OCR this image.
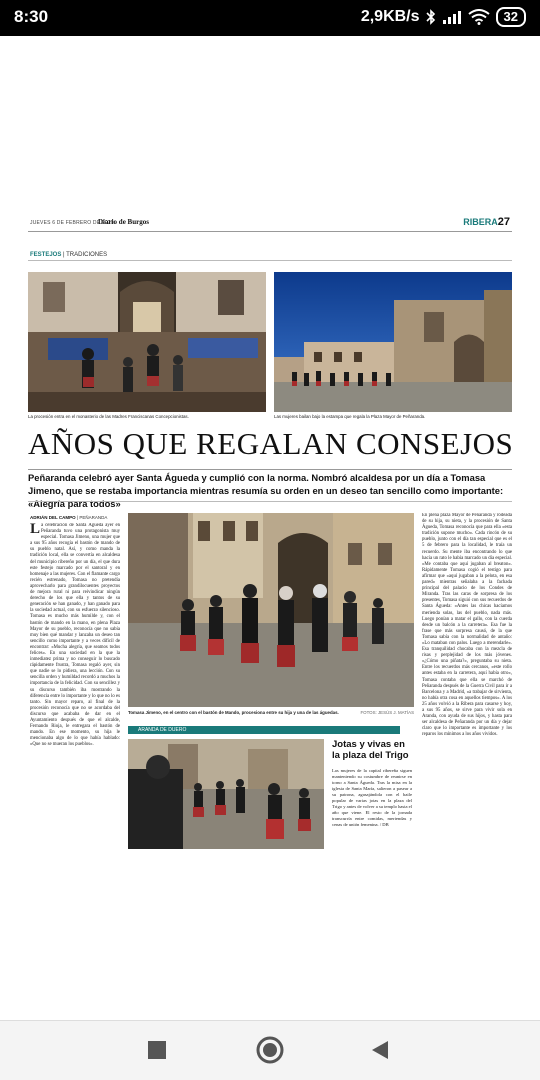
8:30	2,9KB/s	32
JUEVES 6 DE FEBRERO DE 2020
Diario de Burgos	RIBERA27
FESTEJOS | TRADICIONES
La procesión entra en el monasterio de las Madres Franciscanas Concepcionistas.	Las mujeres bailan bajo la estampa que regala la Plaza Mayor de Peñaranda.
AÑOS QUE REGALAN CONSEJOS
Peñaranda celebró ayer Santa Águeda y cumplió con la norma. Nombró alcaldesa por un día a Tomasa Jimeno, que se restaba importancia mientras resumía su orden en un deseo tan sencillo como importante: «Alegría para todos»
ADRIÁN DEL CAMPO | PEÑARANDA
La celebración de Santa Águeda ayer en Peñaranda tuvo una protagonista muy especial. Tomasa Jimeno, una mujer que a sus 95 años recogía el bastón de mando de su pueblo natal. Así, y como manda la tradición local, ella se convertía en alcaldesa del municipio ribereño por un día, el que dura este festejo marcado por el santoral y en homenaje a las mujeres. Con el flamante cargo recién estrenado, Tomasa no pretendía aprovecharlo para grandilocuentes proyectos de mejora rural ni para reivindicar ningún derecho de los que ella y tantos de su generación se han ganado, y han ganado para la sociedad actual, con su esfuerzo silencioso. Tomasa es mucho más humilde y, con el bastón de mando en la mano, en plena Plaza Mayor de su pueblo, reconocía que no sabía muy bien qué mandar y lanzaba un deseo tan sencillo como importante y a veces difícil de encontrar: «Mucha alegría, que seamos todos felices». En una sociedad en la que la inmediatez prima y no conseguir lo buscado rápidamente frustra, Tomasa regaló ayer, sin que nadie se lo pidiera, una lección. Con su sencilla orden y humildad recordó a muchos la importancia de la felicidad. Con su sencillez y su discurso también iba mostrando la diferencia entre lo importante y lo que no lo es tanto. Sin mayor reparo, al final de la procesión reconocía que no se acordaba del discurso que acababa de dar en el Ayuntamiento después de que el alcalde, Fernando Rioja, le entregara el bastón de mando. En ese momento, su hija le mencionaba algo de lo que había hablado: «Que no se mueran los pueblos».
Tomasa Jimeno, en el centro con el bastón de Mando, procesiona entre su hija y una de las águedas.	FOTOS: JESÚS J. MATÍAS
ARANDA DE DUERO
Jotas y vivas en la plaza del Trigo
Las mujeres de la capital ribereña siguen manteniendo su costumbre de reunirse en torno a Santa Águeda. Tras la misa en la iglesia de Santa María, salieron a pasear a su patrona, agasajándola con el baile popular de varias jotas en la plaza del Trigo y antes de volver a su templo hasta el año que viene. El resto de la jornada transcurría entre comidas, meriendas y cenas de unión femenina. / DB
En plena plaza Mayor de Peñaranda y rodeada de su hija, su nieta, y la procesión de Santa Águeda, Tomasa reconocía que para ella «esta tradición supone mucho». Cada rincón de su pueblo, junto con el día tan especial que es el 5 de febrero para la localidad, le traía un recuerdo. Su mente iba encontrando lo que hacía un rato le había marcado un día especial. «Me contaba que aquí jugaban al breaton». Rápidamente Tomasa cogió el testigo para afirmar que «aquí jugaban a la pelota, en esa pared» mientras señalaba a la fachada principal del palacio de los Condes de Miranda. Tras las caras de sorpresa de los presentes, Tomasa siguió con sus recuerdos de Santa Águeda: «Antes las chicas hacíamos merienda solas, las del pueblo, nada más. Luego ponían a matar el gallo, con la cuerda desde un balcón a la carretera». Esa fue la frase que más sorpresa causó, de la que Tomasa sabía con la normalidad de antaño: «Lo mataban con palos. Luego a merendarle». Esa tranquilidad chocaba con la mezcla de risas y perplejidad de los más jóvenes. «¿Cómo una piñata?», preguntaba su nieta. Entre los recuerdos más cercanos, «este rollo antes estaba en la carretera, aquí había otro», Tomasa contaba que ella se marchó de Peñaranda después de la Guerra Civil para ir a Barcelona y a Madrid, «a trabajar de sirvienta, no había otra cosa en aquellos tiempos». A los 25 años volvió a la Ribera para casarse y hoy, a sus 95 años, se sirve para vivir sola en Aranda, con ayuda de sus hijos, y hasta para ser alcaldesa de Peñaranda por un día y dejar claro que lo importante es importante y los reparos los mínimos a los años vividos.
